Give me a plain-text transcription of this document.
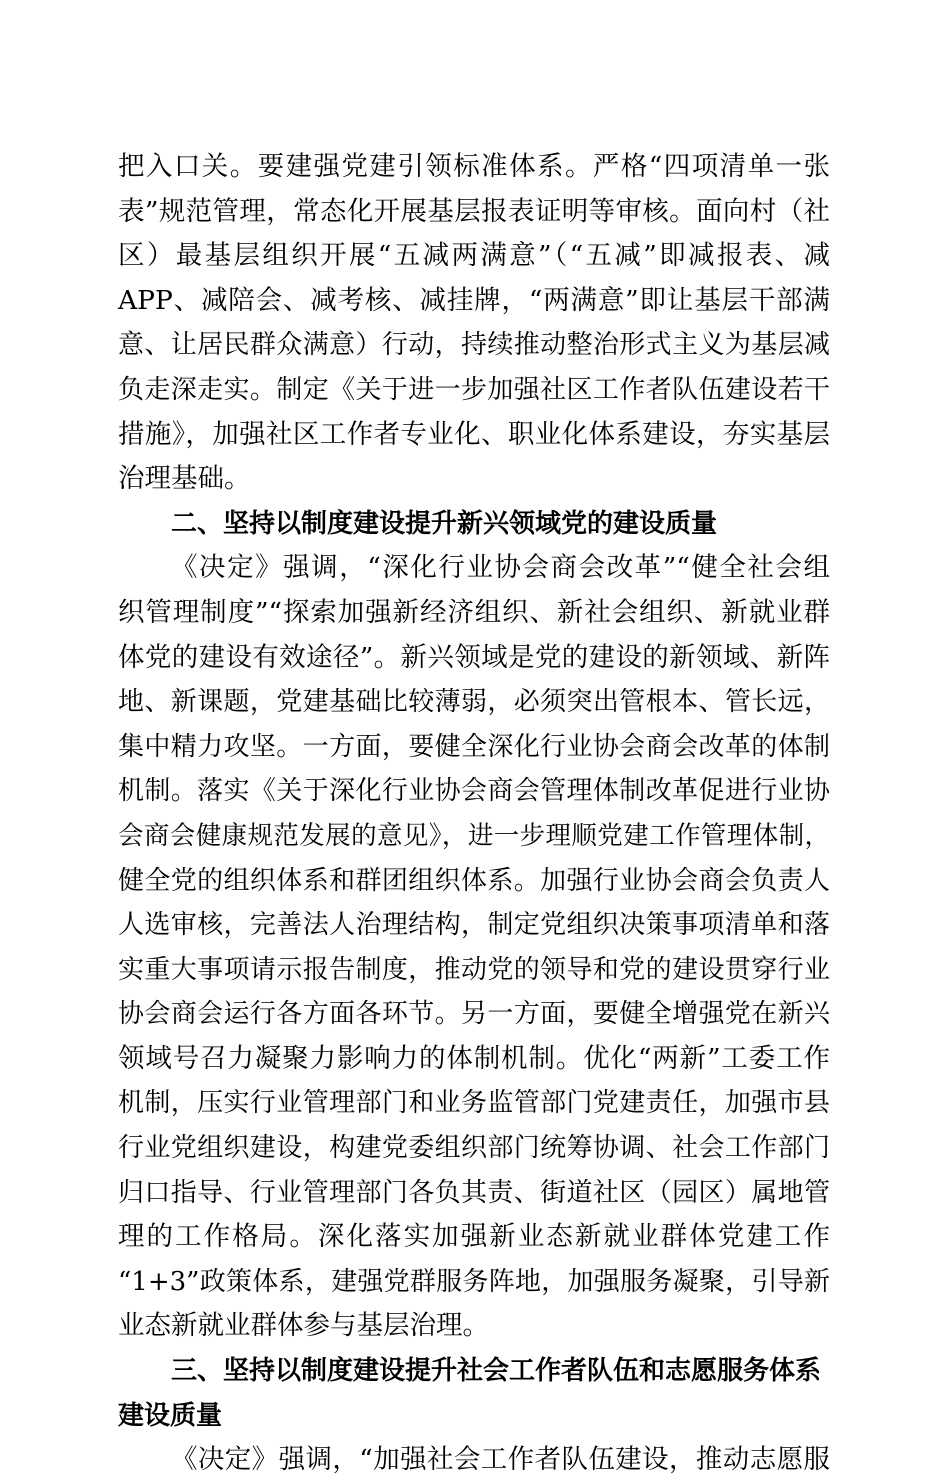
把入口关。要建强党建引领标准体系。严格“四项清单一张
表”规范管理，常态化开展基层报表证明等审核。面向村（社
区）最基层组织开展“五减两满意”（“五减”即减报表、减
APP、减陪会、减考核、减挂牌，“两满意”即让基层干部满
意、让居民群众满意）行动，持续推动整治形式主义为基层减
负走深走实。制定《关于进一步加强社区工作者队伍建设若干
措施》，加强社区工作者专业化、职业化体系建设，夯实基层
治理基础。
二、坚持以制度建设提升新兴领域党的建设质量
《决定》强调，“深化行业协会商会改革”“健全社会组
织管理制度”“探索加强新经济组织、新社会组织、新就业群
体党的建设有效途径”。新兴领域是党的建设的新领域、新阵
地、新课题，党建基础比较薄弱，必须突出管根本、管长远，
集中精力攻坚。一方面，要健全深化行业协会商会改革的体制
机制。落实《关于深化行业协会商会管理体制改革促进行业协
会商会健康规范发展的意见》，进一步理顺党建工作管理体制，
健全党的组织体系和群团组织体系。加强行业协会商会负责人
人选审核，完善法人治理结构，制定党组织决策事项清单和落
实重大事项请示报告制度，推动党的领导和党的建设贯穿行业
协会商会运行各方面各环节。另一方面，要健全增强党在新兴
领域号召力凝聚力影响力的体制机制。优化“两新”工委工作
机制，压实行业管理部门和业务监管部门党建责任，加强市县
行业党组织建设，构建党委组织部门统筹协调、社会工作部门
归口指导、行业管理部门各负其责、街道社区（园区）属地管
理的工作格局。深化落实加强新业态新就业群体党建工作
“1+3”政策体系，建强党群服务阵地，加强服务凝聚，引导新
业态新就业群体参与基层治理。
三、坚持以制度建设提升社会工作者队伍和志愿服务体系
建设质量
《决定》强调，“加强社会工作者队伍建设，推动志愿服
